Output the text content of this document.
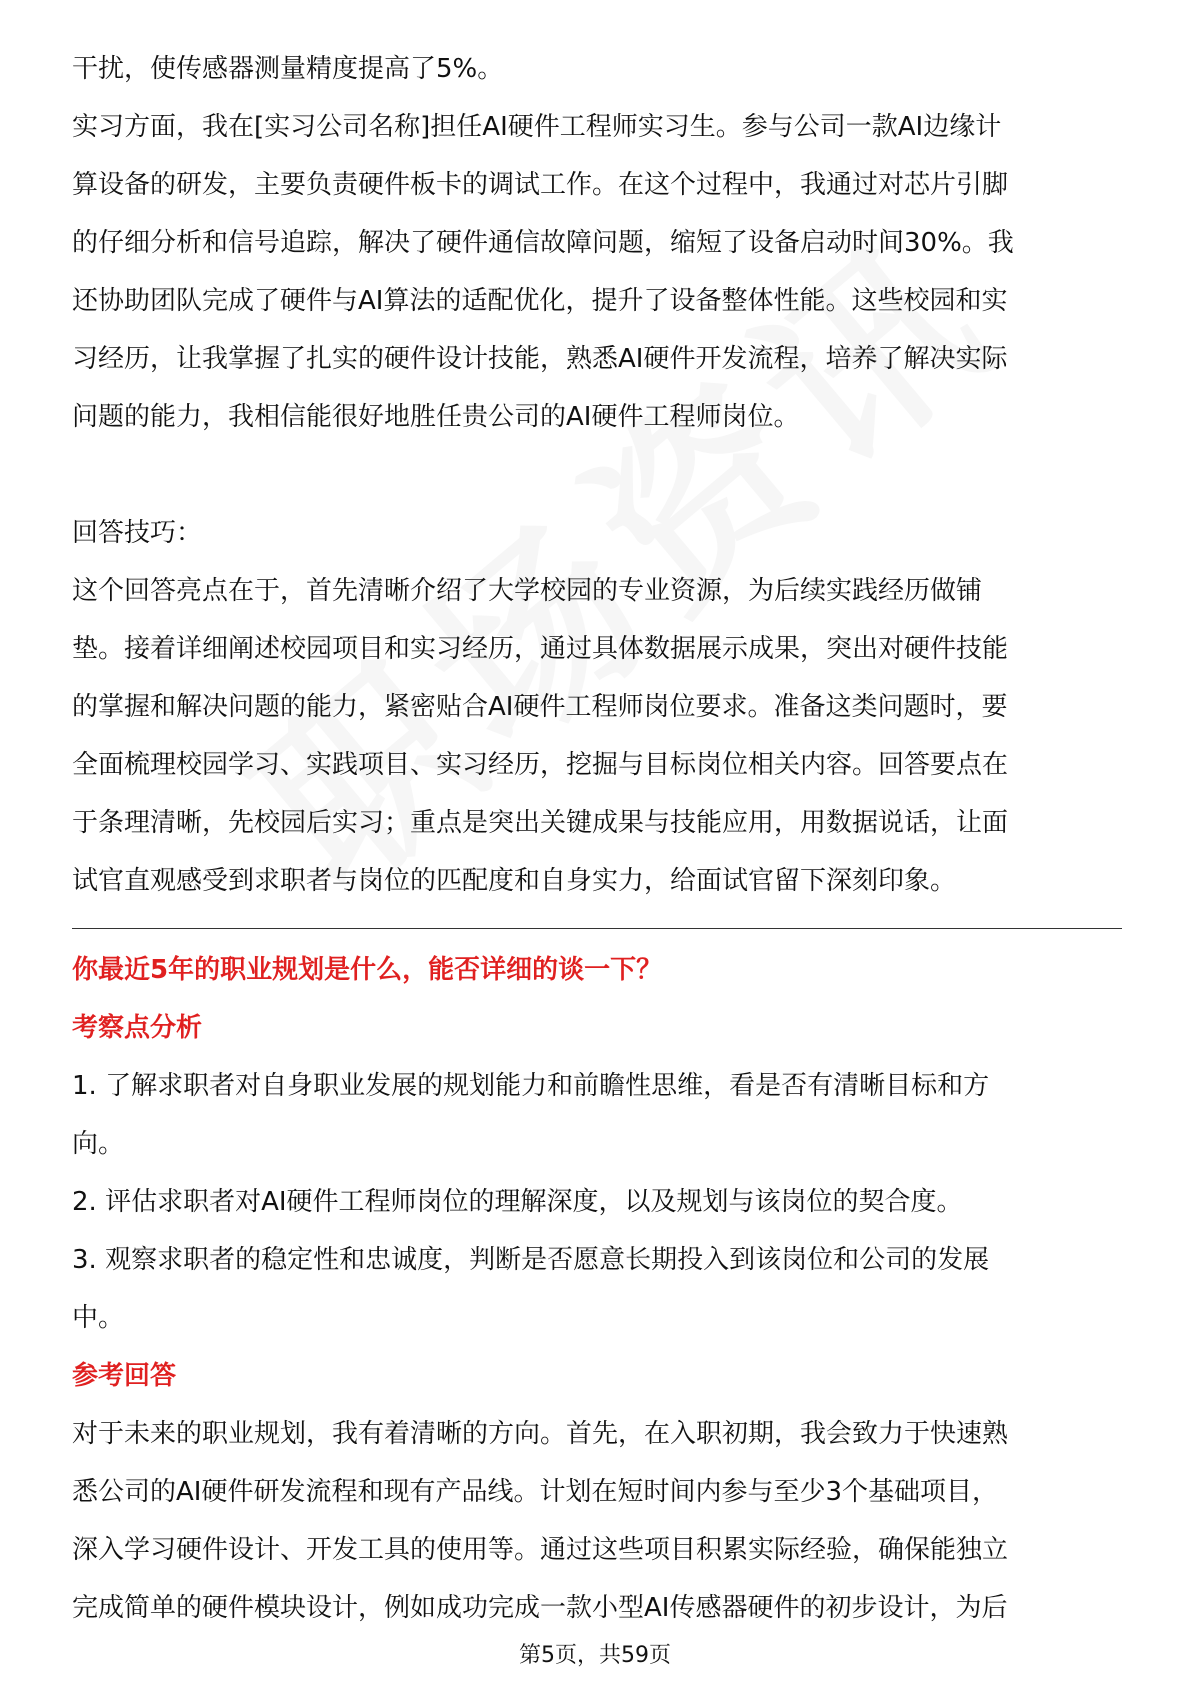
干扰，使传感器测量精度提高了5%。

实习方面，我在[实习公司名称]担任AI硬件工程师实习生。参与公司一款AI边缘计

算设备的研发，主要负责硬件板卡的调试工作。在这个过程中，我通过对芯片引脚

的仔细分析和信号追踪，解决了硬件通信故障问题，缩短了设备启动时间30%。我

还协助团队完成了硬件与AI算法的适配优化，提升了设备整体性能。这些校园和实

习经历，让我掌握了扎实的硬件设计技能，熟悉AI硬件开发流程，培养了解决实际

问题的能力，我相信能很好地胜任贵公司的AI硬件工程师岗位。

回答技巧：

这个回答亮点在于，首先清晰介绍了大学校园的专业资源，为后续实践经历做铺

垫。接着详细阐述校园项目和实习经历，通过具体数据展示成果，突出对硬件技能

的掌握和解决问题的能力，紧密贴合AI硬件工程师岗位要求。准备这类问题时，要

全面梳理校园学习、实践项目、实习经历，挖掘与目标岗位相关内容。回答要点在

于条理清晰，先校园后实习；重点是突出关键成果与技能应用，用数据说话，让面

试官直观感受到求职者与岗位的匹配度和自身实力，给面试官留下深刻印象。

你最近5年的职业规划是什么，能否详细的谈一下？
考察点分析

1. 了解求职者对自身职业发展的规划能力和前瞻性思维，看是否有清晰目标和方

向。

2. 评估求职者对AI硬件工程师岗位的理解深度，以及规划与该岗位的契合度。

3. 观察求职者的稳定性和忠诚度，判断是否愿意长期投入到该岗位和公司的发展

中。

参考回答

对于未来的职业规划，我有着清晰的方向。首先，在入职初期，我会致力于快速熟

悉公司的AI硬件研发流程和现有产品线。计划在短时间内参与至少3个基础项目，

深入学习硬件设计、开发工具的使用等。通过这些项目积累实际经验，确保能独立

完成简单的硬件模块设计，例如成功完成一款小型AI传感器硬件的初步设计，为后

第5页，共59页
